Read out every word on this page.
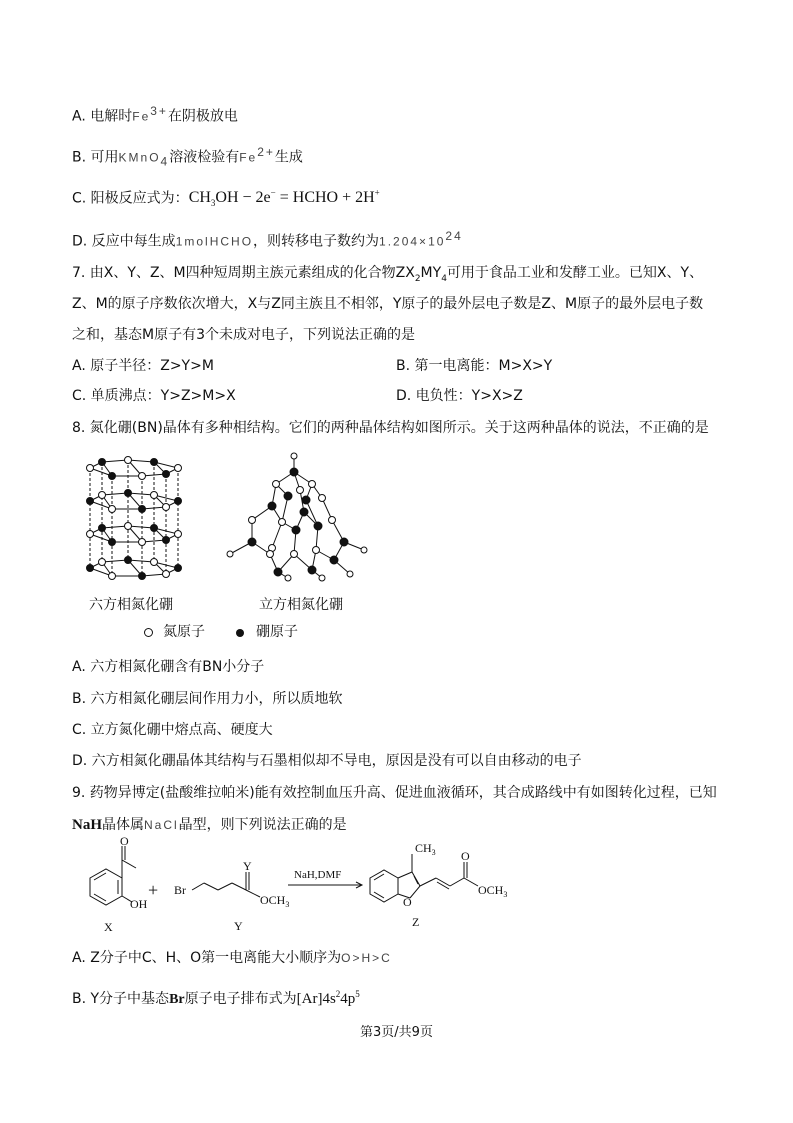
A. 电解时$Fe^{3+}$在阴极放电
B. 可用KMnO$_4$溶液检验有$Fe^{2+}$生成
C. 阳极反应式为：$CH_3OH - 2e^-$ = HCHO + 2H+
D. 反应中每生成1molHCHO，则转移电子数约为$1.204\times 10^{24}$
7. 由X、Y、Z、M四种短周期主族元素组成的化合物$ZX_2MY_4$可用于食品工业和发酵工业。已知X、Y、
Z、M的原子序数依次增大，X与Z同主族且不相邻，Y原子的最外层电子数是Z、M原子的最外层电子数
之和，基态M原子有3个未成对电子，下列说法正确的是
A. 原子半径：Z>Y>M	B. 第一电离能：M>X>Y
C. 单质沸点：Y>Z>M>X	D. 电负性：Y>X>Z
8. 氮化硼(BN)晶体有多种相结构。它们的两种晶体结构如图所示。关于这两种晶体的说法，不正确的是
六方相氮化硼	立方相氮化硼
氮原子	硼原子
A. 六方相氮化硼含有BN小分子
B. 六方相氮化硼层间作用力小，所以质地软
C. 立方氮化硼中熔点高、硬度大
D. 六方相氮化硼晶体其结构与石墨相似却不导电，原因是没有可以自由移动的电子
9. 药物异博定(盐酸维拉帕米)能有效控制血压升高、促进血液循环，其合成路线中有如图转化过程，已知
NaH晶体属NaCl晶型，则下列说法正确的是
O
OH
X
+ Br
Y
$OCH_3$
Y
NaH,DMF
$CH_3$
O
O
$OCH_3$
Z
A. Z分子中C、H、O第一电离能大小顺序为O>H>C
B. Y分子中基态Br原子电子排布式为$[Ar]4s^24p^5$
第3页/共9页
